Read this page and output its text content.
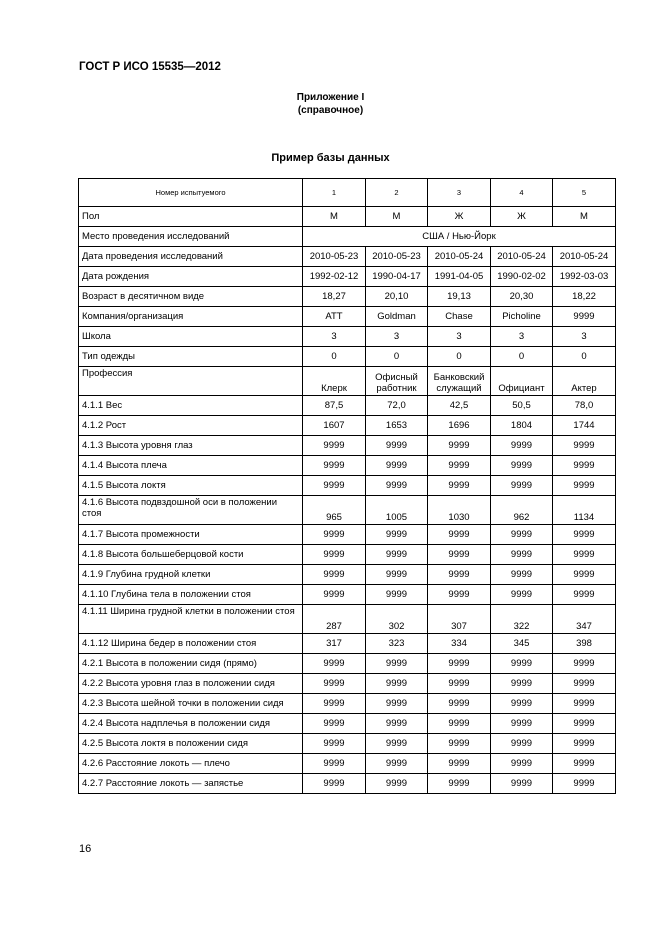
ГОСТ Р ИСО 15535—2012
Приложение I
(справочное)
Пример базы данных
Номер испытуемого	1	2	3	4	5
Пол	М	М	Ж	Ж	М
Место проведения исследований	США / Нью-Йорк				
Дата проведения исследований	2010-05-23	2010-05-23	2010-05-24	2010-05-24	2010-05-24
Дата рождения	1992-02-12	1990-04-17	1991-04-05	1990-02-02	1992-03-03
Возраст в десятичном виде	18,27	20,10	19,13	20,30	18,22
Компания/организация	ATT	Goldman	Chase	Picholine	9999
Школа	3	3	3	3	3
Тип одежды	0	0	0	0	0
Профессия	Клерк	Офисный работник	Банковский служащий	Официант	Актер
4.1.1 Вес	87,5	72,0	42,5	50,5	78,0
4.1.2 Рост	1607	1653	1696	1804	1744
4.1.3 Высота уровня глаз	9999	9999	9999	9999	9999
4.1.4 Высота плеча	9999	9999	9999	9999	9999
4.1.5 Высота локтя	9999	9999	9999	9999	9999
4.1.6 Высота подвздошной оси в положении стоя	965	1005	1030	962	1134
4.1.7 Высота промежности	9999	9999	9999	9999	9999
4.1.8 Высота большеберцовой кости	9999	9999	9999	9999	9999
4.1.9 Глубина грудной клетки	9999	9999	9999	9999	9999
4.1.10 Глубина тела в положении стоя	9999	9999	9999	9999	9999
4.1.11 Ширина грудной клетки в положении стоя	287	302	307	322	347
4.1.12 Ширина бедер в положении стоя	317	323	334	345	398
4.2.1 Высота в положении сидя (прямо)	9999	9999	9999	9999	9999
4.2.2 Высота уровня глаз в положении сидя	9999	9999	9999	9999	9999
4.2.3 Высота шейной точки в положении сидя	9999	9999	9999	9999	9999
4.2.4 Высота надплечья в положении сидя	9999	9999	9999	9999	9999
4.2.5 Высота локтя в положении сидя	9999	9999	9999	9999	9999
4.2.6 Расстояние локоть — плечо	9999	9999	9999	9999	9999
4.2.7 Расстояние локоть — запястье	9999	9999	9999	9999	9999
16
